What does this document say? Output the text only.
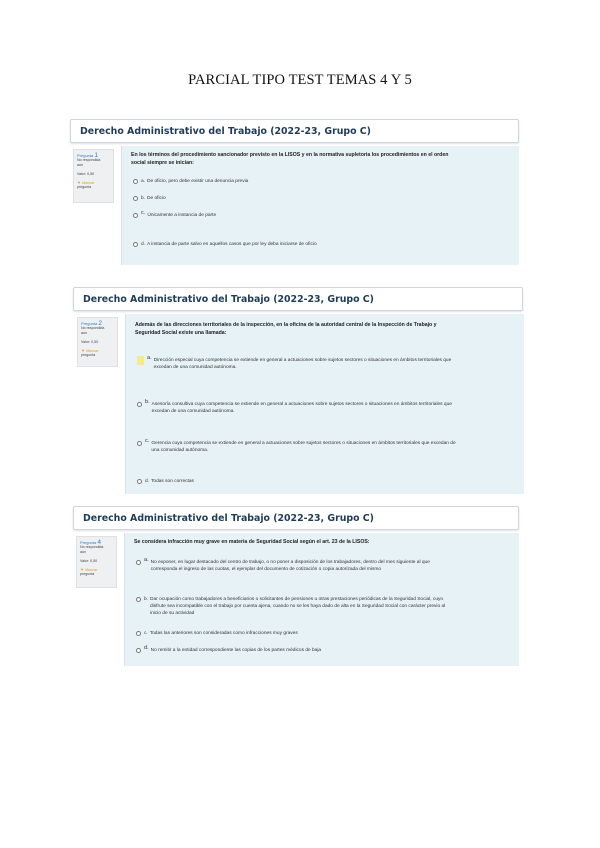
PARCIAL TIPO TEST TEMAS 4 Y 5
Derecho Administrativo del Trabajo (2022-23, Grupo C)
Pregunta 1
No respondida
aún
Valor: 0,50
▼ Marcar
pregunta
En los términos del procedimiento sancionador previsto en la LISOS y en la normativa supletoria los procedimientos en el orden
social siempre se inician:
a. De oficio, pero debe existir una denuncia previa
b. De oficio
c. Únicamente a instancia de parte
d. A instancia de parte salvo en aquellos casos que por ley deba iniciarse de oficio
Derecho Administrativo del Trabajo (2022-23, Grupo C)
Pregunta 2
No respondida
aún
Valor: 0,50
▼ Marcar
pregunta
Además de las direcciones territoriales de la inspección, en la oficina de la autoridad central de la Inspección de Trabajo y
Seguridad Social existe una llamada:
a. Dirección especial cuya competencia se extiende en general a actuaciones sobre sujetos sectores o situaciones en ámbitos territoriales que
excedan de una comunidad autónoma.
b. Asesoría consultiva cuya competencia se extiende en general a actuaciones sobre sujetos sectores o situaciones en ámbitos territoriales que
excedan de una comunidad autónoma.
c. Gerencia cuya competencia se extiende en general a actuaciones sobre sujetos sectores o situaciones en ámbitos territoriales que excedan de
una comunidad autónoma.
d. Todas son correctas
Derecho Administrativo del Trabajo (2022-23, Grupo C)
Pregunta 4
No respondida
aún
Valor: 0,50
▼ Marcar
pregunta
Se considera infracción muy grave en materia de Seguridad Social según el art. 23 de la LISOS:
a. No exponer, en lugar destacado del centro de trabajo, o no poner a disposición de los trabajadores, dentro del mes siguiente al que
corresponda el ingreso de las cuotas, el ejemplar del documento de cotización o copia autorizada del mismo
b. Dar ocupación como trabajadores a beneficiarios o solicitantes de pensiones u otras prestaciones periódicas de la Seguridad Social, cuyo
disfrute sea incompatible con el trabajo por cuenta ajena, cuando no se les haya dado de alta en la Seguridad Social con carácter previo al
inicio de su actividad
c. Todas las anteriores son consideradas como infracciones muy graves
d. No remitir a la entidad correspondiente las copias de los partes médicos de baja
